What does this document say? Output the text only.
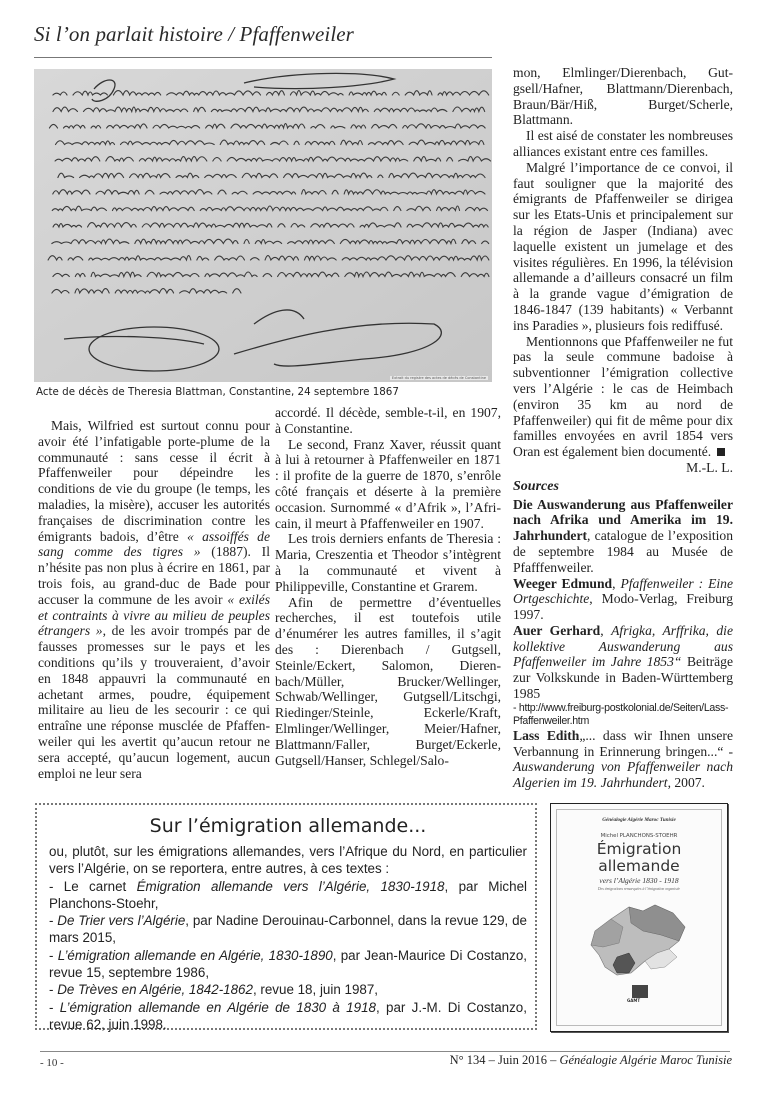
Si l’on parlait histoire / Pfaffenweiler
Extrait du registre des actes de décès de Constantine
Acte de décès de Theresia Blattman, Constantine, 24 septembre 1867

Mais, Wilfried est surtout connu pour avoir été l’infatigable porte-plume de la communauté : sans cesse il écrit à Pfaffenweiler pour dépeindre les conditions de vie du groupe (le temps, les maladies, la misère), accuser les autorités françaises de discrimination contre les émigrants badois, d’être « assoiffés de sang comme des tigres » (1887). Il n’hésite pas non plus à écrire en 1861, par trois fois, au grand-duc de Bade pour accuser la commune de les avoir « exilés et contraints à vivre au milieu de peuples étrangers », de les avoir trompés par de fausses promesses sur le pays et les conditions qu’ils y trouveraient, d’avoir en 1848 appauvri la communauté en achetant armes, poudre, équipement militaire au lieu de les secourir : ce qui entraîne une réponse musclée de Pfaffenweiler qui les avertit qu’aucun retour ne sera accepté, qu’aucun logement, aucun emploi ne leur sera

accordé. Il décède, semble-t-il, en 1907, à Constantine.

Le second, Franz Xaver, réussit quant à lui à retourner à Pfaffenweiler en 1871 : il profite de la guerre de 1870, s’enrôle côté français et déserte à la première occasion. Surnommé « d’Afrik », l’Africain, il meurt à Pfaffenweiler en 1907.

Les trois derniers enfants de Theresia : Maria, Creszentia et Theodor s’intègrent à la communauté et vivent à Philippeville, Constantine et Grarem.

Afin de permettre d’éventuelles recherches, il est toutefois utile d’énumérer les autres familles, il s’agit des : Dierenbach / Gutgsell, Steinle/Eckert, Salomon, Dierenbach/Müller, Brucker/Wellinger, Schwab/Wellinger, Gutgsell/Litschgi, Riedinger/Steinle, Eckerle/Kraft, Elmlinger/Wellinger, Meier/Hafner, Blattmann/Faller, Burget/Eckerle, Gutgsell/Hanser, Schlegel/Salo-

mon, Elmlinger/Dierenbach, Gutgsell/Hafner, Blattmann/Dierenbach, Braun/Bär/Hiß, Burget/Scherle, Blattmann.

Il est aisé de constater les nombreuses alliances existant entre ces familles.

Malgré l’importance de ce convoi, il faut souligner que la majorité des émigrants de Pfaffenweiler se dirigea sur les Etats-Unis et principalement sur la région de Jasper (Indiana) avec laquelle existent un jumelage et des visites régulières. En 1996, la télévision allemande a d’ailleurs consacré un film à la grande vague d’émigration de 1846-1847 (139 habitants) « Verbannt ins Paradies », plusieurs fois rediffusé.

Mentionnons que Pfaffenweiler ne fut pas la seule commune badoise à subventionner l’émigration collective vers l’Algérie : le cas de Heimbach (environ 35 km au nord de Pfaffenweiler) qui fit de même pour dix familles envoyées en avril 1854 vers Oran est également bien documenté.

M.-L. L.

Sources

Die Auswanderung aus Pfaffenweiler nach Afrika und Amerika im 19. Jahrhundert, catalogue de l’exposition de septembre 1984 au Musée de Pfafffenweiler.

Weeger Edmund, Pfaffenweiler : Eine Ortgeschichte, Modo-Verlag, Freiburg 1997.

Auer Gerhard, Afrigka, Arffrika, die kollektive Auswanderung aus Pfaffenweiler im Jahre 1853“ Beiträge zur Volkskunde in Baden-Württemberg 1985

- http://www.freiburg-postkolonial.de/Seiten/Lass-Pfaffenweiler.htm

Lass Edith„... dass wir Ihnen unsere Verbannung in Erinnerung bringen...“ - Auswanderung von Pfaffenweiler nach Algerien im 19. Jahrhundert, 2007.

Sur l’émigration allemande...

ou, plutôt, sur les émigrations allemandes, vers l’Afrique du Nord, en particulier vers l’Algérie, on se reportera, entre autres, à ces textes :

- Le carnet Émigration allemande vers l’Algérie, 1830-1918, par Michel Planchons-Stoehr,

- De Trier vers l’Algérie, par Nadine Derouinau-Carbonnel, dans la revue 129, de mars 2015,

- L’émigration allemande en Algérie, 1830-1890, par Jean-Maurice Di Costanzo, revue 15, septembre 1986,

- De Trèves en Algérie, 1842-1862, revue 18, juin 1987,

- L’émigration allemande en Algérie de 1830 à 1918, par J.-M. Di Costanzo, revue 62, juin 1998.

Généalogie Algérie Maroc Tunisie
Michel PLANCHONS-STOEHR
Émigration
allemande
vers l’Algérie 1830 - 1918
Des émigrations remarquées à l’émigration organisée
GAMT
- 10 -	N° 134 – Juin 2016 – Généalogie Algérie Maroc Tunisie
